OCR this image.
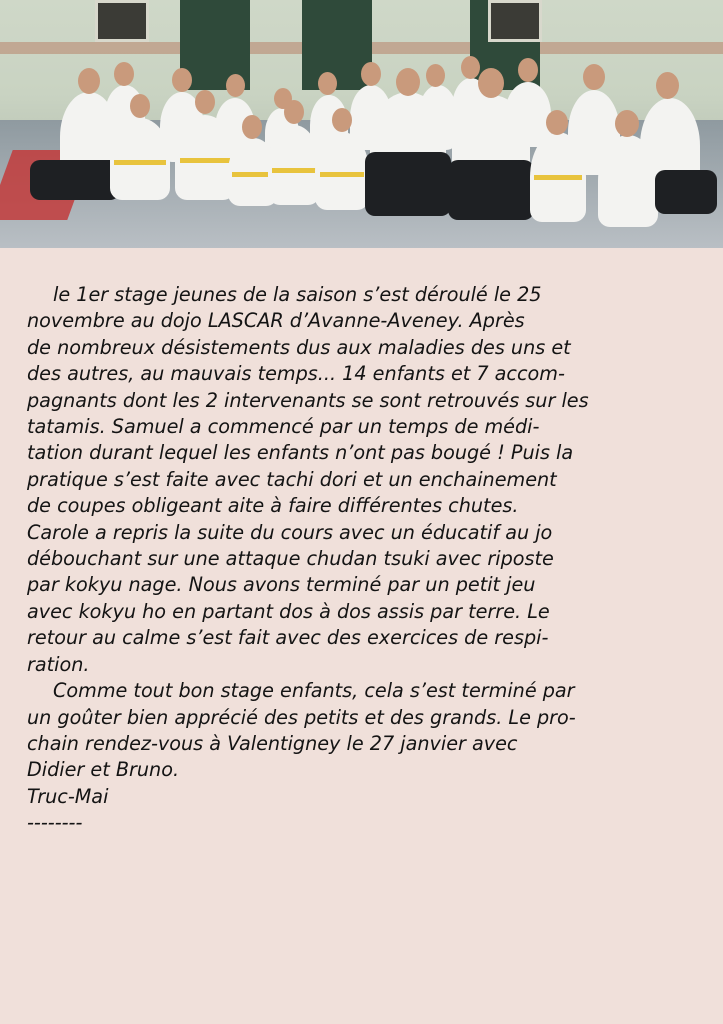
le 1er stage jeunes de la saison s’est déroulé le 25
novembre au dojo LASCAR d’Avanne-Aveney. Après
de nombreux désistements dus aux maladies des uns et
des autres, au mauvais temps... 14 enfants et 7 accom-
pagnants dont les 2 intervenants se sont retrouvés sur les
tatamis. Samuel a commencé par un temps de médi-
tation durant lequel les enfants n’ont pas bougé ! Puis la
pratique s’est faite avec tachi dori et un enchainement
de coupes obligeant aite à faire différentes chutes.
Carole a repris la suite du cours avec un éducatif au jo
débouchant sur une attaque chudan tsuki avec riposte
par kokyu nage. Nous avons terminé par un petit jeu
avec kokyu ho en partant dos à dos assis par terre. Le
retour au calme s’est fait avec des exercices de respi-
ration.

Comme tout bon stage enfants, cela s’est terminé par
un goûter bien apprécié des petits et des grands. Le pro-
chain rendez-vous à Valentigney le 27 janvier avec
Didier et Bruno.

Truc-Mai
--------
